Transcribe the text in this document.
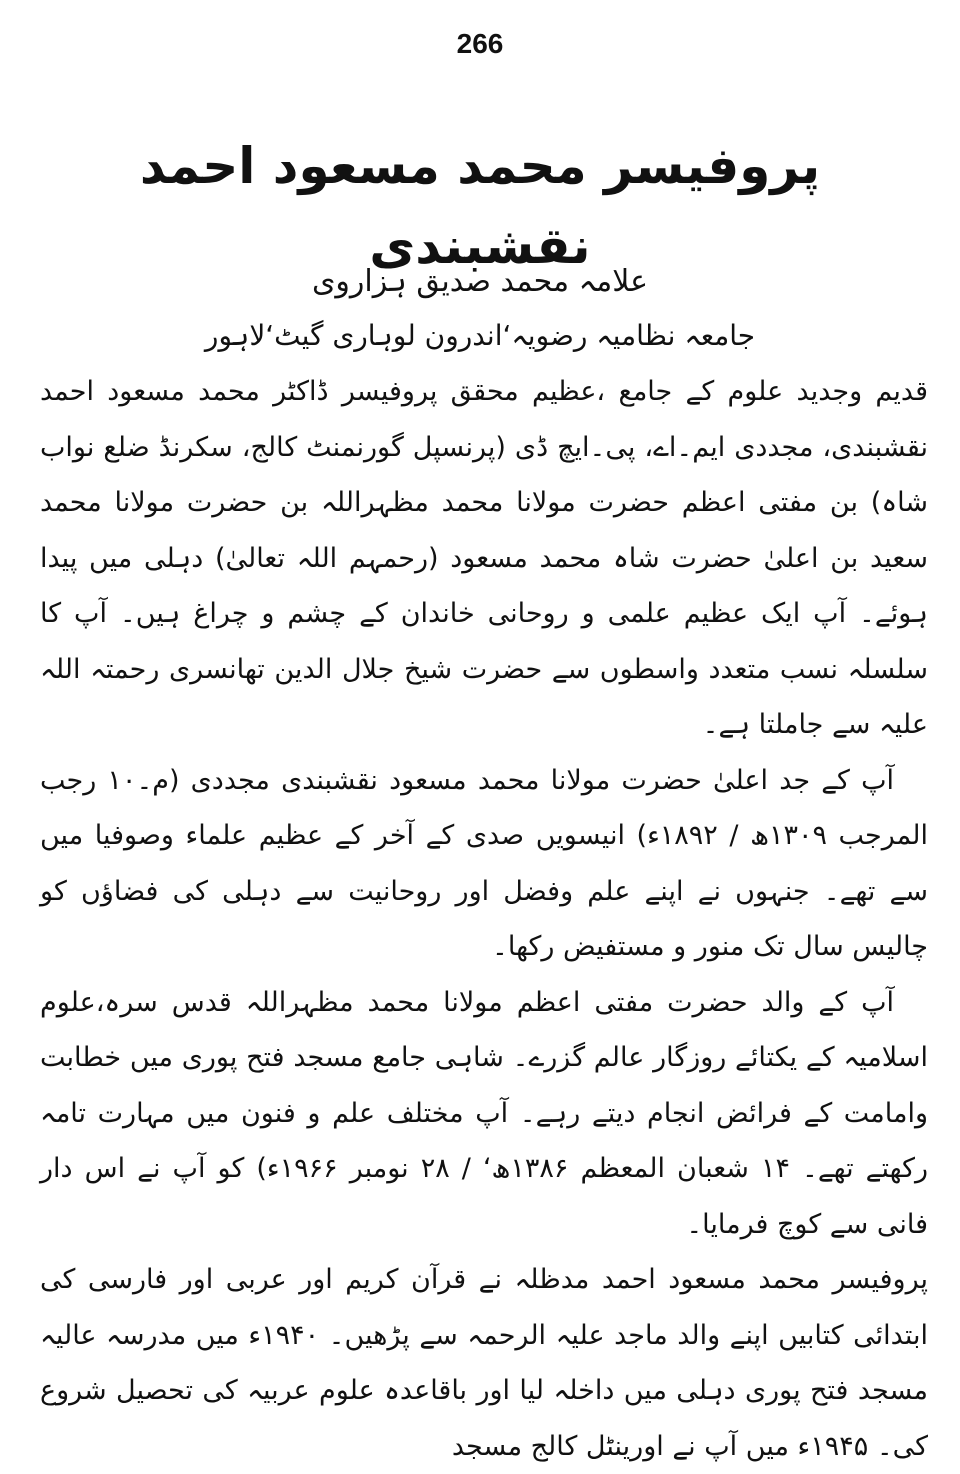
266
پروفیسر محمد مسعود احمد نقشبندی
علامہ محمد صدیق ہزاروی
جامعہ نظامیہ رضویہ‘اندرون لوہاری گیٹ‘لاہور

قدیم وجدید علوم کے جامع ،عظیم محقق پروفیسر ڈاکٹر محمد مسعود احمد نقشبندی، مجددی ایم۔اے، پی۔ایچ ڈی (پرنسپل گورنمنٹ کالج، سکرنڈ ضلع نواب شاہ) بن مفتی اعظم حضرت مولانا محمد مظہراللہ بن حضرت مولانا محمد سعید بن اعلیٰ حضرت شاہ محمد مسعود (رحمہم اللہ تعالیٰ) دہلی میں پیدا ہوئے۔ آپ ایک عظیم علمی و روحانی خاندان کے چشم و چراغ ہیں۔ آپ کا سلسلہ نسب متعدد واسطوں سے حضرت شیخ جلال الدین تھانسری رحمتہ اللہ علیہ سے جاملتا ہے۔

آپ کے جد اعلیٰ حضرت مولانا محمد مسعود نقشبندی مجددی (م۔۱۰ رجب المرجب ۱۳۰۹ھ / ۱۸۹۲ء) انیسویں صدی کے آخر کے عظیم علماء وصوفیا میں سے تھے۔ جنہوں نے اپنے علم وفضل اور روحانیت سے دہلی کی فضاؤں کو چالیس سال تک منور و مستفیض رکھا۔

آپ کے والد حضرت مفتی اعظم مولانا محمد مظہراللہ قدس سرہ،علوم اسلامیہ کے یکتائے روزگار عالم گزرے۔ شاہی جامع مسجد فتح پوری میں خطابت وامامت کے فرائض انجام دیتے رہے۔ آپ مختلف علم و فنون میں مہارت تامہ رکھتے تھے۔ ۱۴ شعبان المعظم ۱۳۸۶ھ‘ / ۲۸ نومبر ۱۹۶۶ء) کو آپ نے اس دار فانی سے کوچ فرمایا۔

پروفیسر محمد مسعود احمد مدظلہ نے قرآن کریم اور عربی اور فارسی کی ابتدائی کتابیں اپنے والد ماجد علیہ الرحمہ سے پڑھیں۔ ۱۹۴۰ء میں مدرسہ عالیہ مسجد فتح پوری دہلی میں داخلہ لیا اور باقاعدہ علوم عربیہ کی تحصیل شروع کی۔ ۱۹۴۵ء میں آپ نے اورینٹل کالج مسجد
